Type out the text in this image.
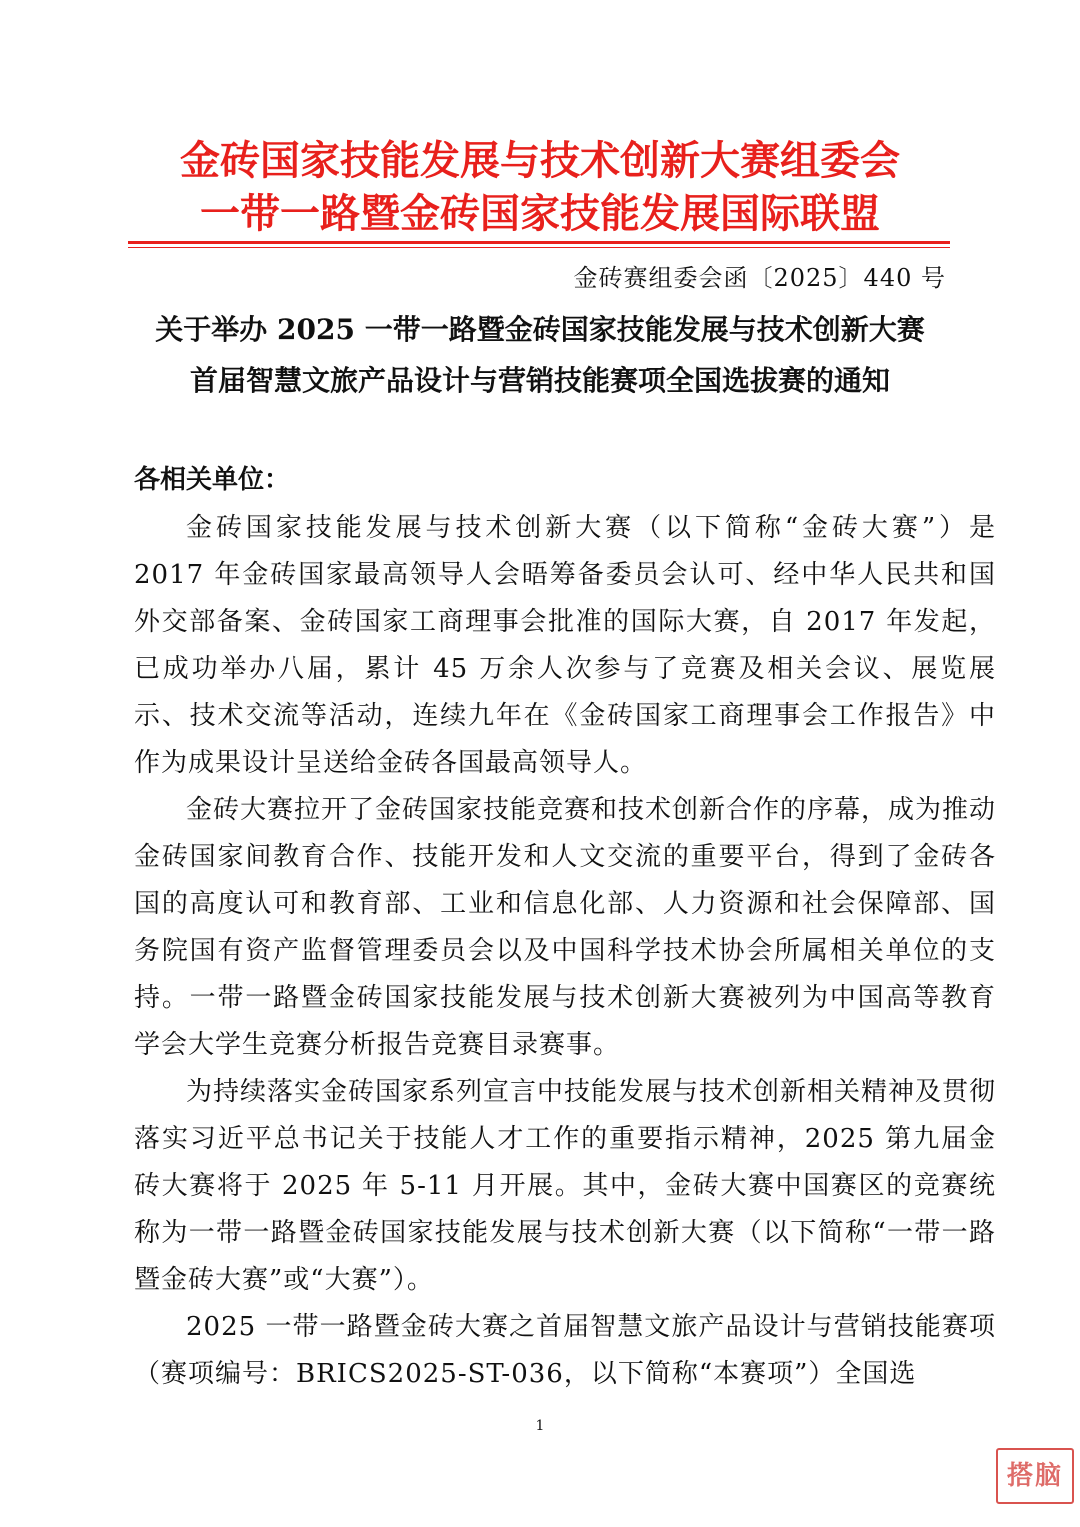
金砖国家技能发展与技术创新大赛组委会
一带一路暨金砖国家技能发展国际联盟
金砖赛组委会函〔2025〕440 号
关于举办 2025 一带一路暨金砖国家技能发展与技术创新大赛
首届智慧文旅产品设计与营销技能赛项全国选拔赛的通知
各相关单位：

金砖国家技能发展与技术创新大赛（以下简称“金砖大赛”）是 2017 年金砖国家最高领导人会晤筹备委员会认可、经中华人民共和国外交部备案、金砖国家工商理事会批准的国际大赛，自 2017 年发起，已成功举办八届，累计 45 万余人次参与了竞赛及相关会议、展览展示、技术交流等活动，连续九年在《金砖国家工商理事会工作报告》中作为成果设计呈送给金砖各国最高领导人。

金砖大赛拉开了金砖国家技能竞赛和技术创新合作的序幕，成为推动金砖国家间教育合作、技能开发和人文交流的重要平台，得到了金砖各国的高度认可和教育部、工业和信息化部、人力资源和社会保障部、国务院国有资产监督管理委员会以及中国科学技术协会所属相关单位的支持。一带一路暨金砖国家技能发展与技术创新大赛被列为中国高等教育学会大学生竞赛分析报告竞赛目录赛事。

为持续落实金砖国家系列宣言中技能发展与技术创新相关精神及贯彻落实习近平总书记关于技能人才工作的重要指示精神，2025 第九届金砖大赛将于 2025 年 5-11 月开展。其中，金砖大赛中国赛区的竞赛统称为一带一路暨金砖国家技能发展与技术创新大赛（以下简称“一带一路暨金砖大赛”或“大赛”）。

2025 一带一路暨金砖大赛之首届智慧文旅产品设计与营销技能赛项（赛项编号：BRICS2025-ST-036，以下简称“本赛项”）全国选

1
搭脑
